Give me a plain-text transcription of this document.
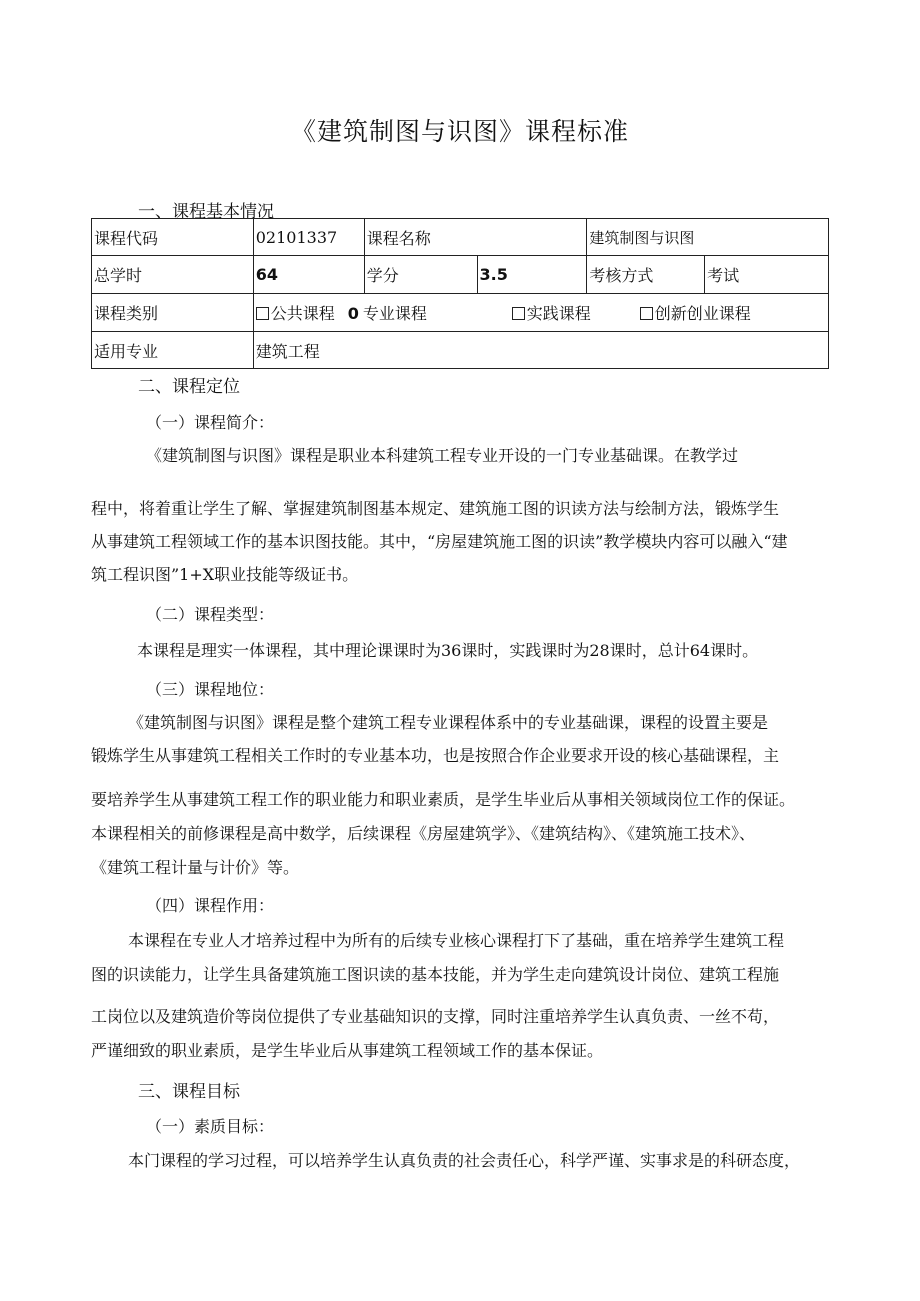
《建筑制图与识图》课程标准
一、课程基本情况
课程代码	02101337	课程名称		建筑制图与识图	
总学时	64	学分	3.5	考核方式	考试
课程类别	公共课程 0 专业课程 实践课程 创新创业课程				
适用专业	建筑工程				
二、课程定位
（一）课程简介：
《建筑制图与识图》课程是职业本科建筑工程专业开设的一门专业基础课。在教学过
程中，将着重让学生了解、掌握建筑制图基本规定、建筑施工图的识读方法与绘制方法，锻炼学生
从事建筑工程领域工作的基本识图技能。其中，“房屋建筑施工图的识读”教学模块内容可以融入“建
筑工程识图”1+X职业技能等级证书。
（二）课程类型：
本课程是理实一体课程，其中理论课课时为36课时，实践课时为28课时，总计64课时。
（三）课程地位：
《建筑制图与识图》课程是整个建筑工程专业课程体系中的专业基础课，课程的设置主要是
锻炼学生从事建筑工程相关工作时的专业基本功，也是按照合作企业要求开设的核心基础课程，主
要培养学生从事建筑工程工作的职业能力和职业素质，是学生毕业后从事相关领域岗位工作的保证。
本课程相关的前修课程是高中数学，后续课程《房屋建筑学》、《建筑结构》、《建筑施工技术》、
《建筑工程计量与计价》等。
（四）课程作用：
本课程在专业人才培养过程中为所有的后续专业核心课程打下了基础，重在培养学生建筑工程
图的识读能力，让学生具备建筑施工图识读的基本技能，并为学生走向建筑设计岗位、建筑工程施
工岗位以及建筑造价等岗位提供了专业基础知识的支撑，同时注重培养学生认真负责、一丝不苟，
严谨细致的职业素质，是学生毕业后从事建筑工程领域工作的基本保证。
三、课程目标
（一）素质目标：
本门课程的学习过程，可以培养学生认真负责的社会责任心，科学严谨、实事求是的科研态度，
